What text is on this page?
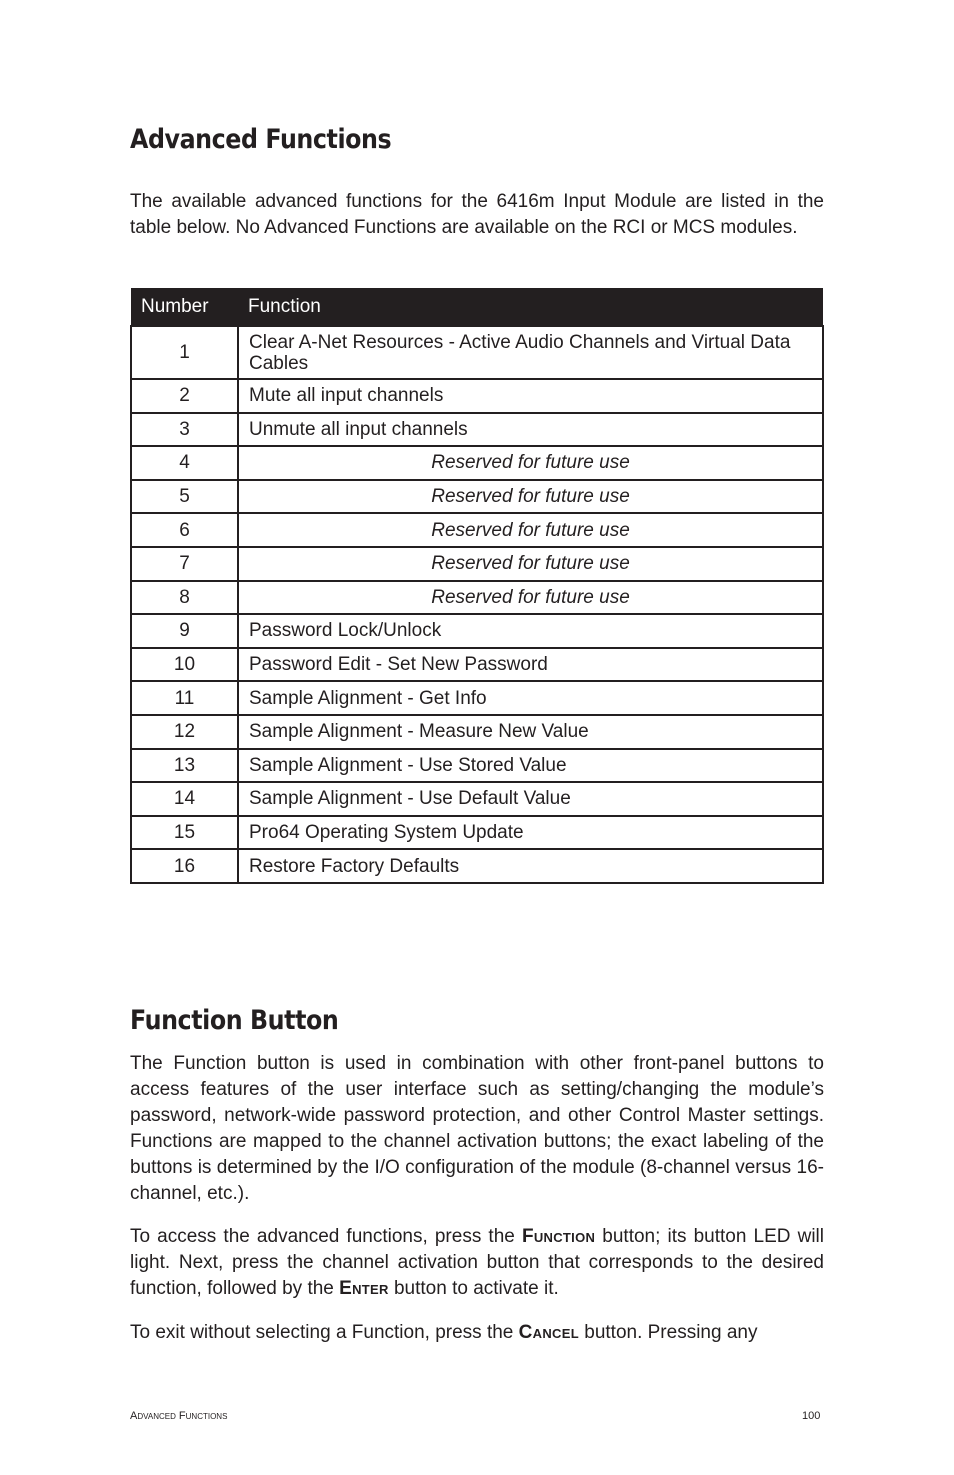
Advanced Functions

The available advanced functions for the 6416m Input Module are listed in the table below. No Advanced Functions are available on the RCI or MCS modules.

Number	Function
1	Clear A-Net Resources - Active Audio Channels and Virtual Data Cables
2	Mute all input channels
3	Unmute all input channels
4	Reserved for future use
5	Reserved for future use
6	Reserved for future use
7	Reserved for future use
8	Reserved for future use
9	Password Lock/Unlock
10	Password Edit - Set New Password
11	Sample Alignment - Get Info
12	Sample Alignment - Measure New Value
13	Sample Alignment - Use Stored Value
14	Sample Alignment - Use Default Value
15	Pro64 Operating System Update
16	Restore Factory Defaults
Function Button

The Function button is used in combination with other front-panel buttons to access features of the user interface such as setting/changing the module’s password, network-wide password protection, and other Control Master settings. Functions are mapped to the channel activation buttons; the exact labeling of the buttons is determined by the I/O configuration of the module (8-channel versus 16-channel, etc.).

To access the advanced functions, press the Function button; its button LED will light. Next, press the channel activation button that corresponds to the desired function, followed by the Enter button to activate it.

To exit without selecting a Function, press the Cancel button. Pressing any

Advanced Functions	100
